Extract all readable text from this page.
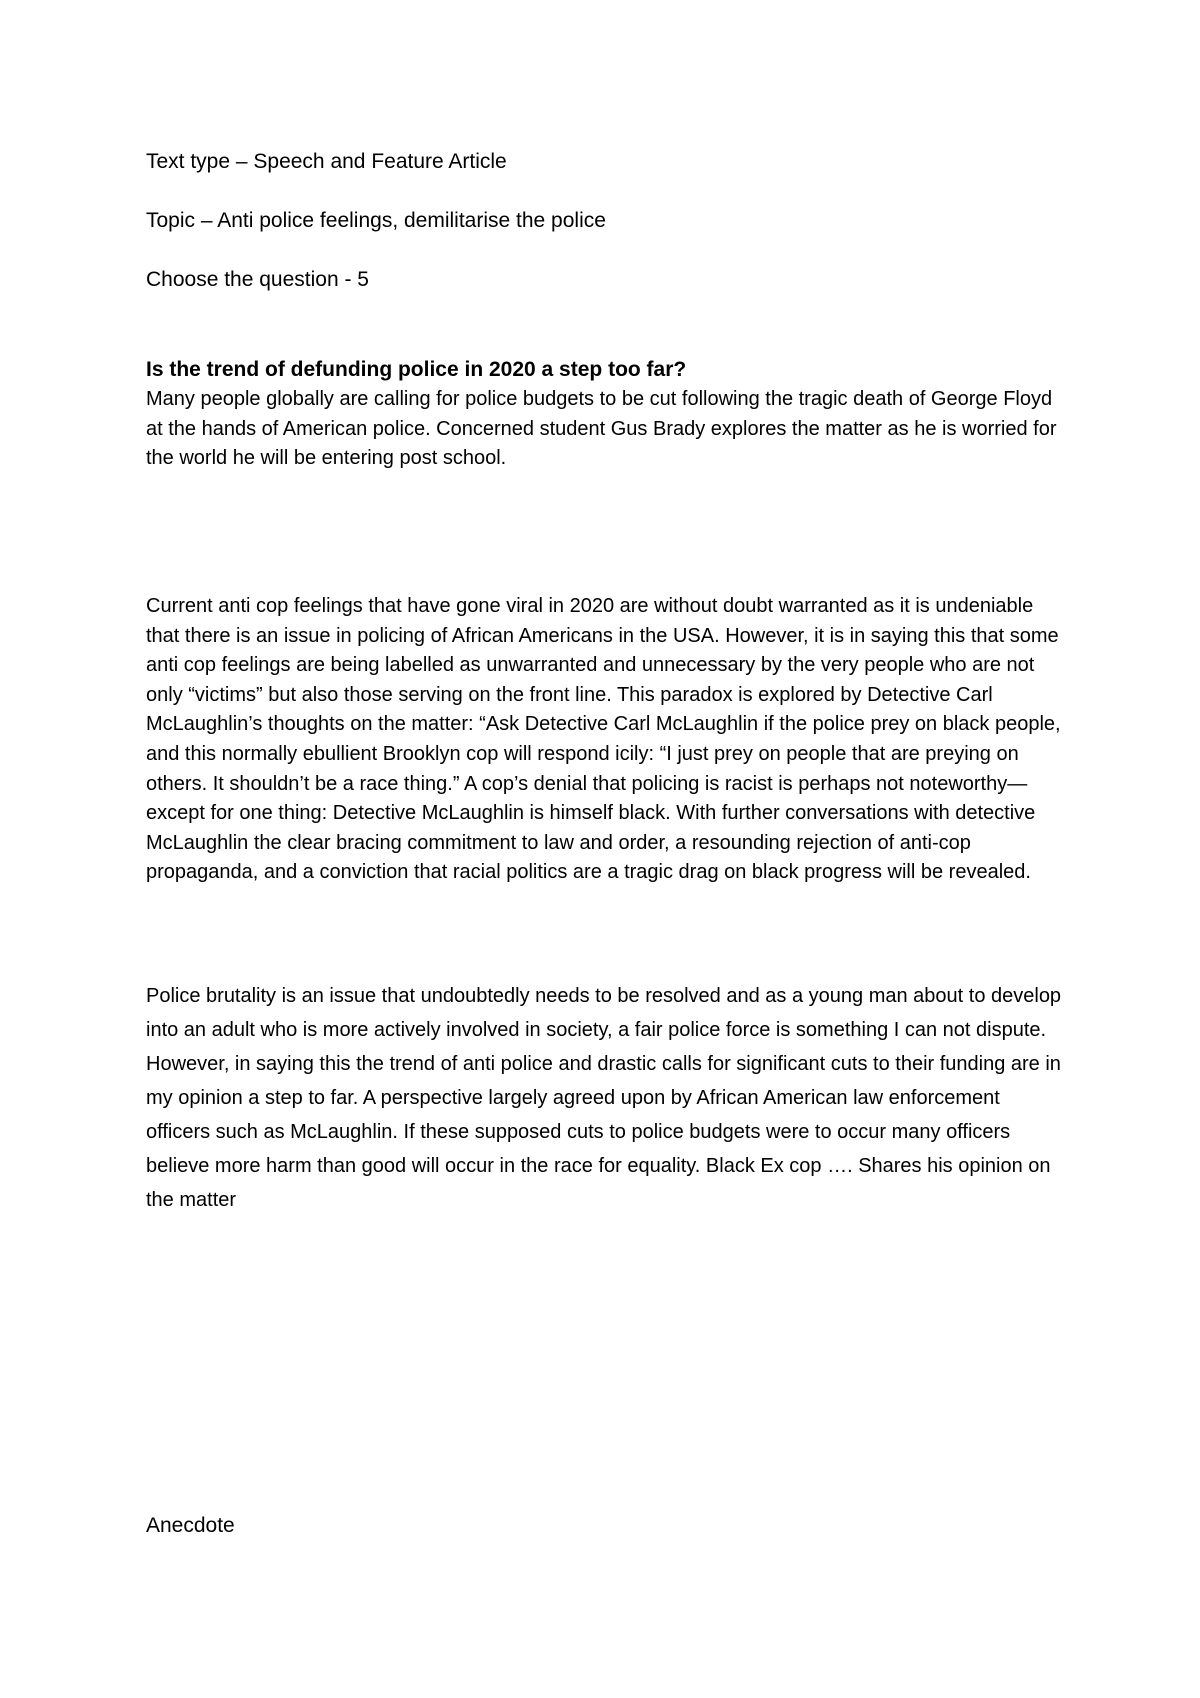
Text type – Speech and Feature Article
Topic – Anti police feelings, demilitarise the police
Choose the question - 5
Is the trend of defunding police in 2020 a step too far?

Many people globally are calling for police budgets to be cut following the tragic death of George Floyd at the hands of American police. Concerned student Gus Brady explores the matter as he is worried for the world he will be entering post school.

Current anti cop feelings that have gone viral in 2020 are without doubt warranted as it is undeniable that there is an issue in policing of African Americans in the USA. However, it is in saying this that some anti cop feelings are being labelled as unwarranted and unnecessary by the very people who are not only “victims” but also those serving on the front line. This paradox is explored by Detective Carl McLaughlin’s thoughts on the matter: “Ask Detective Carl McLaughlin if the police prey on black people, and this normally ebullient Brooklyn cop will respond icily: “I just prey on people that are preying on others. It shouldn’t be a race thing.” A cop’s denial that policing is racist is perhaps not noteworthy—except for one thing: Detective McLaughlin is himself black. With further conversations with detective McLaughlin the clear bracing commitment to law and order, a resounding rejection of anti-cop propaganda, and a conviction that racial politics are a tragic drag on black progress will be revealed.

Police brutality is an issue that undoubtedly needs to be resolved and as a young man about to develop into an adult who is more actively involved in society, a fair police force is something I can not dispute. However, in saying this the trend of anti police and drastic calls for significant cuts to their funding are in my opinion a step to far. A perspective largely agreed upon by African American law enforcement officers such as McLaughlin. If these supposed cuts to police budgets were to occur many officers believe more harm than good will occur in the race for equality. Black Ex cop …. Shares his opinion on the matter

Anecdote
